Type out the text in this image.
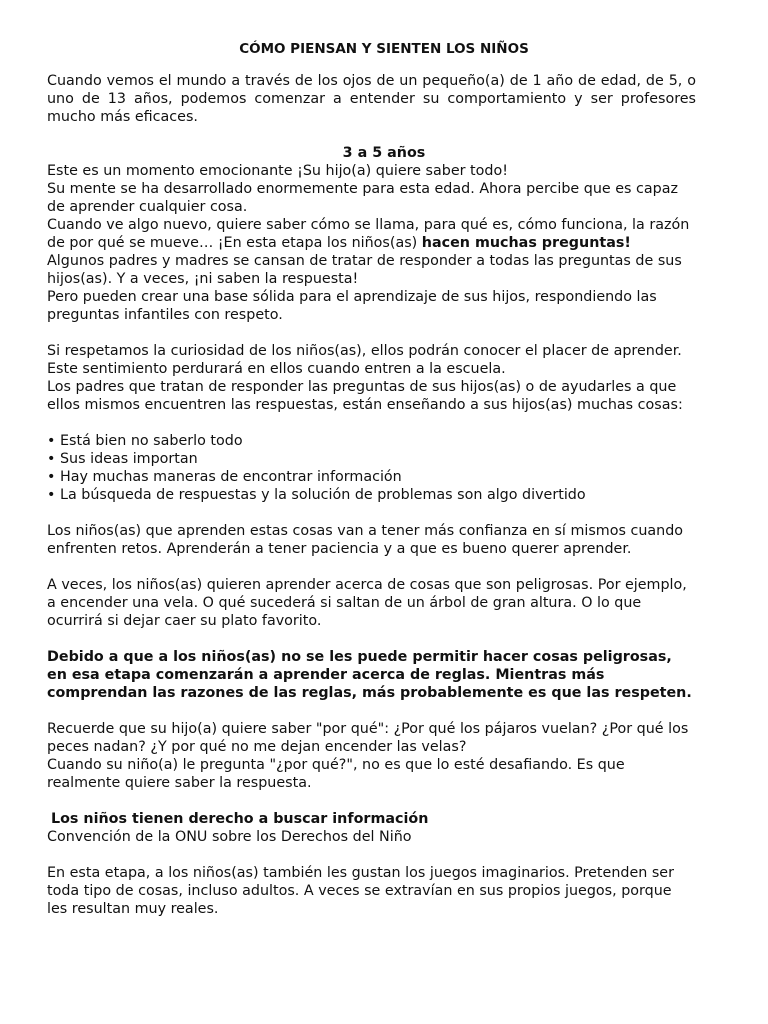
CÓMO PIENSAN Y SIENTEN LOS NIÑOS

Cuando vemos el mundo a través de los ojos de un pequeño(a) de 1 año de edad, de 5, o uno de 13 años, podemos comenzar a entender su comportamiento y ser profesores mucho más eficaces.

3 a 5 años

Este es un momento emocionante ¡Su hijo(a) quiere saber todo!

Su mente se ha desarrollado enormemente para esta edad. Ahora percibe que es capaz de aprender cualquier cosa.

Cuando ve algo nuevo, quiere saber cómo se llama, para qué es, cómo funciona, la razón de por qué se mueve… ¡En esta etapa los niños(as) hacen muchas preguntas!

Algunos padres y madres se cansan de tratar de responder a todas las preguntas de sus hijos(as). Y a veces, ¡ni saben la respuesta!

Pero pueden crear una base sólida para el aprendizaje de sus hijos, respondiendo las preguntas infantiles con respeto.

Si respetamos la curiosidad de los niños(as), ellos podrán conocer el placer de aprender. Este sentimiento perdurará en ellos cuando entren a la escuela.

Los padres que tratan de responder las preguntas de sus hijos(as) o de ayudarles a que ellos mismos encuentren las respuestas, están enseñando a sus hijos(as) muchas cosas:

• Está bien no saberlo todo
• Sus ideas importan
• Hay muchas maneras de encontrar información
• La búsqueda de respuestas y la solución de problemas son algo divertido

Los niños(as) que aprenden estas cosas van a tener más confianza en sí mismos cuando enfrenten retos. Aprenderán a tener paciencia y a que es bueno querer aprender.

A veces, los niños(as) quieren aprender acerca de cosas que son peligrosas. Por ejemplo, a encender una vela. O qué sucederá si saltan de un árbol de gran altura. O lo que ocurrirá si dejar caer su plato favorito.

Debido a que a los niños(as) no se les puede permitir hacer cosas peligrosas, en esa etapa comenzarán a aprender acerca de reglas. Mientras más comprendan las razones de las reglas, más probablemente es que las respeten.

Recuerde que su hijo(a) quiere saber "por qué": ¿Por qué los pájaros vuelan? ¿Por qué los peces nadan? ¿Y por qué no me dejan encender las velas?

Cuando su niño(a) le pregunta "¿por qué?", no es que lo esté desafiando. Es que realmente quiere saber la respuesta.

Los niños tienen derecho a buscar información

Convención de la ONU sobre los Derechos del Niño

En esta etapa, a los niños(as) también les gustan los juegos imaginarios. Pretenden ser toda tipo de cosas, incluso adultos. A veces se extravían en sus propios juegos, porque les resultan muy reales.
